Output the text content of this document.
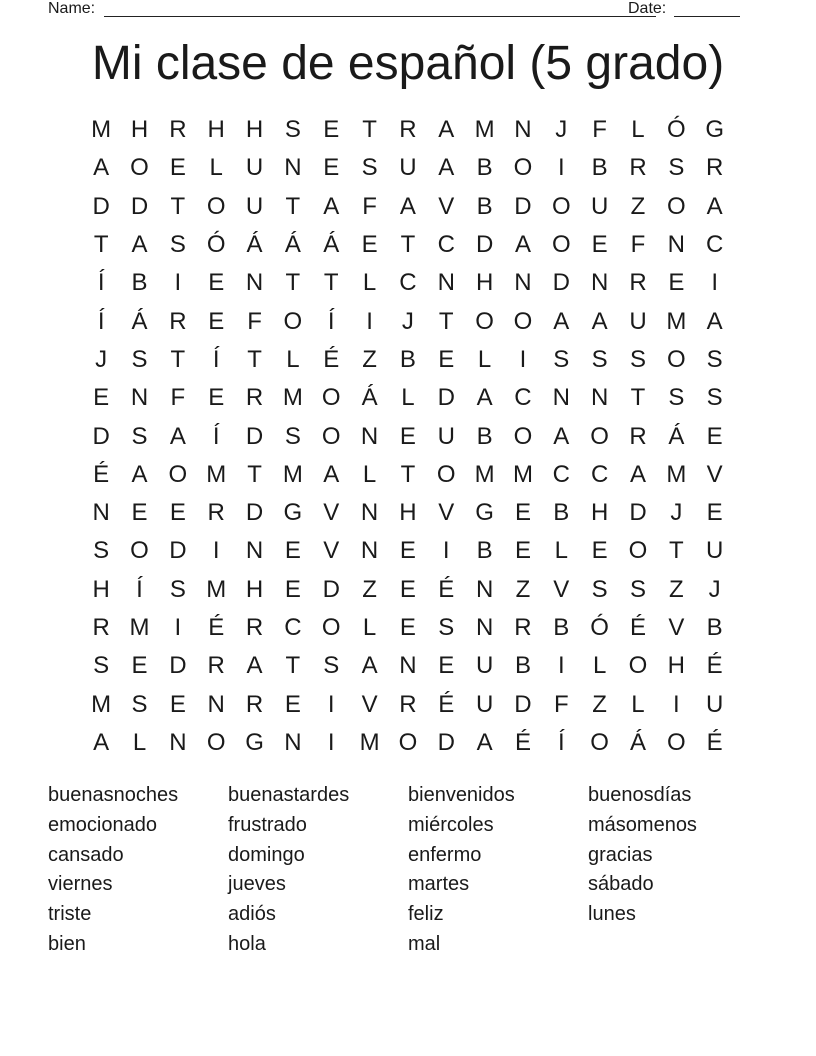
Name:	Date:
Mi clase de español (5 grado)
M H R H H S E T R A M N J	F	L Ó G
A O E L U N E S U A B O	I	B R S R
D D T O U T A F A V B D O U Z O A
T A S Ó Á Á Á E T C D A O E F N C
Í	B	I	E N T T	L C N H N D N R E	I
Í	Á R E F O	Í	I	J	T O O A A U M A
J	S T	Í	T	L É Z B E L	I	S S S O S
E N F E R M O Á L D A C N N T S S
D S A	Í	D S O N E U B O A O R Á E
É A O M T M A L	T O M M C C A M V
N E E R D G V N H V G E B H D J	E
S O D	I	N E V N E	I	B E L E O T U
H	Í	S M H E D Z E É N Z V S S Z	J
R M	I	É R C O L E S N R B Ó É V B
S E D R A T S A N E U B	I	L O H É
M S E N R E	I	V R É U D F Z	L	I	U
A L N O G N	I	M O D A É	Í	O Á O É
buenasnoches	buenastardes	bienvenidos	buenosdías
emocionado	frustrado	miércoles	másomenos
cansado	domingo	enfermo	gracias
viernes	jueves	martes	sábado
triste	adiós	feliz	lunes
bien	hola	mal
